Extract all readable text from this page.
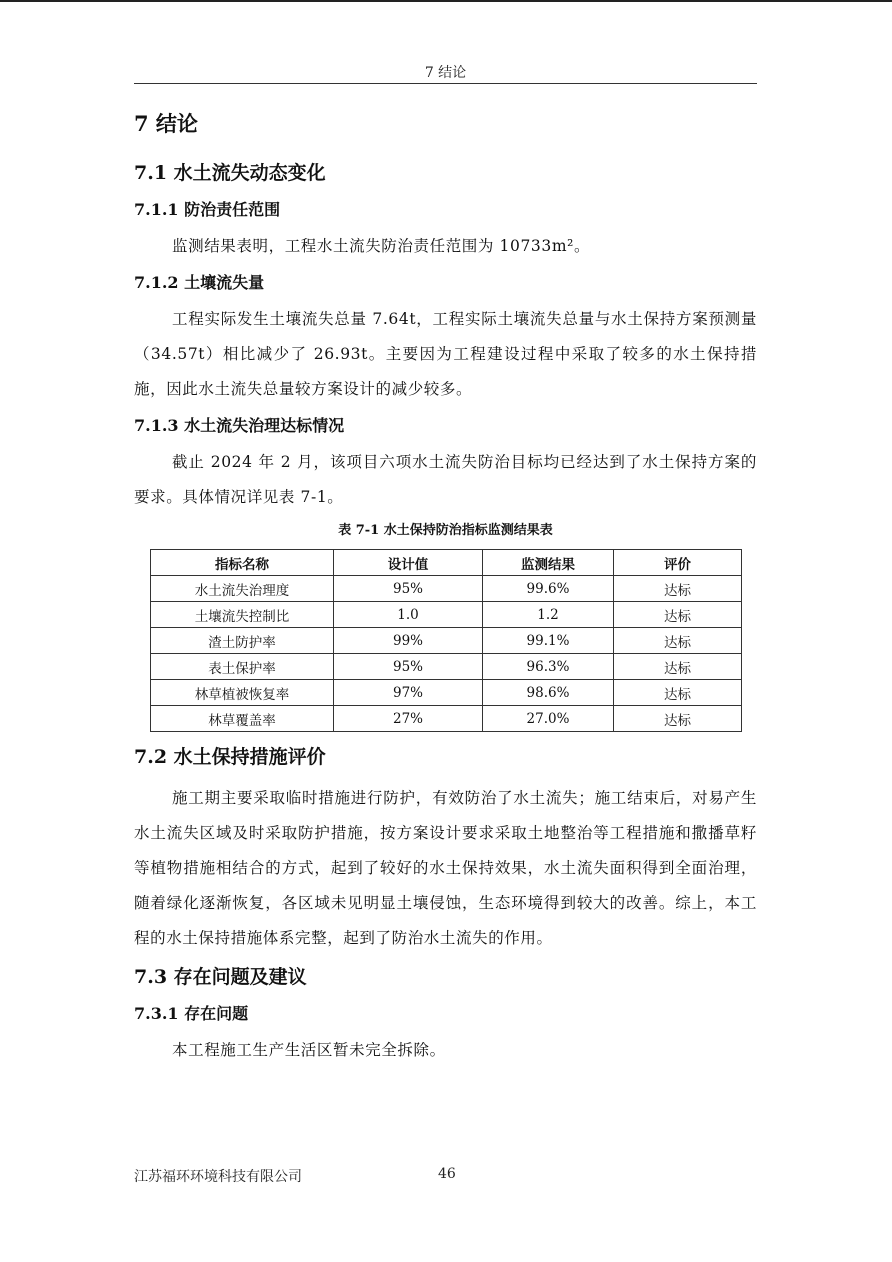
7 结论
7 结论
7.1 水土流失动态变化
7.1.1 防治责任范围

监测结果表明，工程水土流失防治责任范围为 10733m²。

7.1.2 土壤流失量

工程实际发生土壤流失总量 7.64t，工程实际土壤流失总量与水土保持方案预测量（34.57t）相比减少了 26.93t。主要因为工程建设过程中采取了较多的水土保持措施，因此水土流失总量较方案设计的减少较多。

7.1.3 水土流失治理达标情况

截止 2024 年 2 月，该项目六项水土流失防治目标均已经达到了水土保持方案的要求。具体情况详见表 7-1。

表 7-1 水土保持防治指标监测结果表
指标名称	设计值	监测结果	评价
水土流失治理度	95%	99.6%	达标
土壤流失控制比	1.0	1.2	达标
渣土防护率	99%	99.1%	达标
表土保护率	95%	96.3%	达标
林草植被恢复率	97%	98.6%	达标
林草覆盖率	27%	27.0%	达标
7.2 水土保持措施评价

施工期主要采取临时措施进行防护，有效防治了水土流失；施工结束后，对易产生水土流失区域及时采取防护措施，按方案设计要求采取土地整治等工程措施和撒播草籽等植物措施相结合的方式，起到了较好的水土保持效果，水土流失面积得到全面治理，随着绿化逐渐恢复，各区域未见明显土壤侵蚀，生态环境得到较大的改善。综上，本工程的水土保持措施体系完整，起到了防治水土流失的作用。

7.3 存在问题及建议
7.3.1 存在问题

本工程施工生产生活区暂未完全拆除。

江苏福环环境科技有限公司	46
